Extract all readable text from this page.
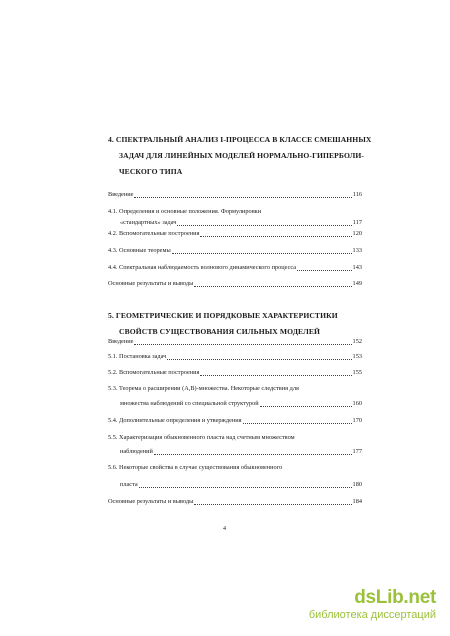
4. СПЕКТРАЛЬНЫЙ АНАЛИЗ I-ПРОЦЕССА В КЛАССЕ СМЕШАННЫХ
ЗАДАЧ ДЛЯ ЛИНЕЙНЫХ МОДЕЛЕЙ НОРМАЛЬНО-ГИПЕРБОЛИ-
ЧЕСКОГО ТИПА
Введение	116
4.1. Определения и основные положения. Формулировки
«стандартных» задач	117
4.2. Вспомогательные построения	120
4.3. Основные теоремы	133
4.4. Спектральная наблюдаемость волнового динамического процесса	143
Основные результаты и выводы	149
5. ГЕОМЕТРИЧЕСКИЕ И ПОРЯДКОВЫЕ ХАРАКТЕРИСТИКИ
СВОЙСТВ СУЩЕСТВОВАНИЯ СИЛЬНЫХ МОДЕЛЕЙ
Введение	152
5.1. Постановка задач	153
5.2. Вспомогательные построения	155
5.3. Теорема о расширении (A,B)-множества. Некоторые следствия для
множества наблюдений со специальной структурой	160
5.4. Дополнительные определения и утверждения	170
5.5. Характеризация обыкновенного пласта над счетным множеством
наблюдений	177
5.6. Некоторые свойства в случае существования обыкновенного
пласта	180
Основные результаты и выводы	184
4
dsLib.net
библиотека диссертаций
